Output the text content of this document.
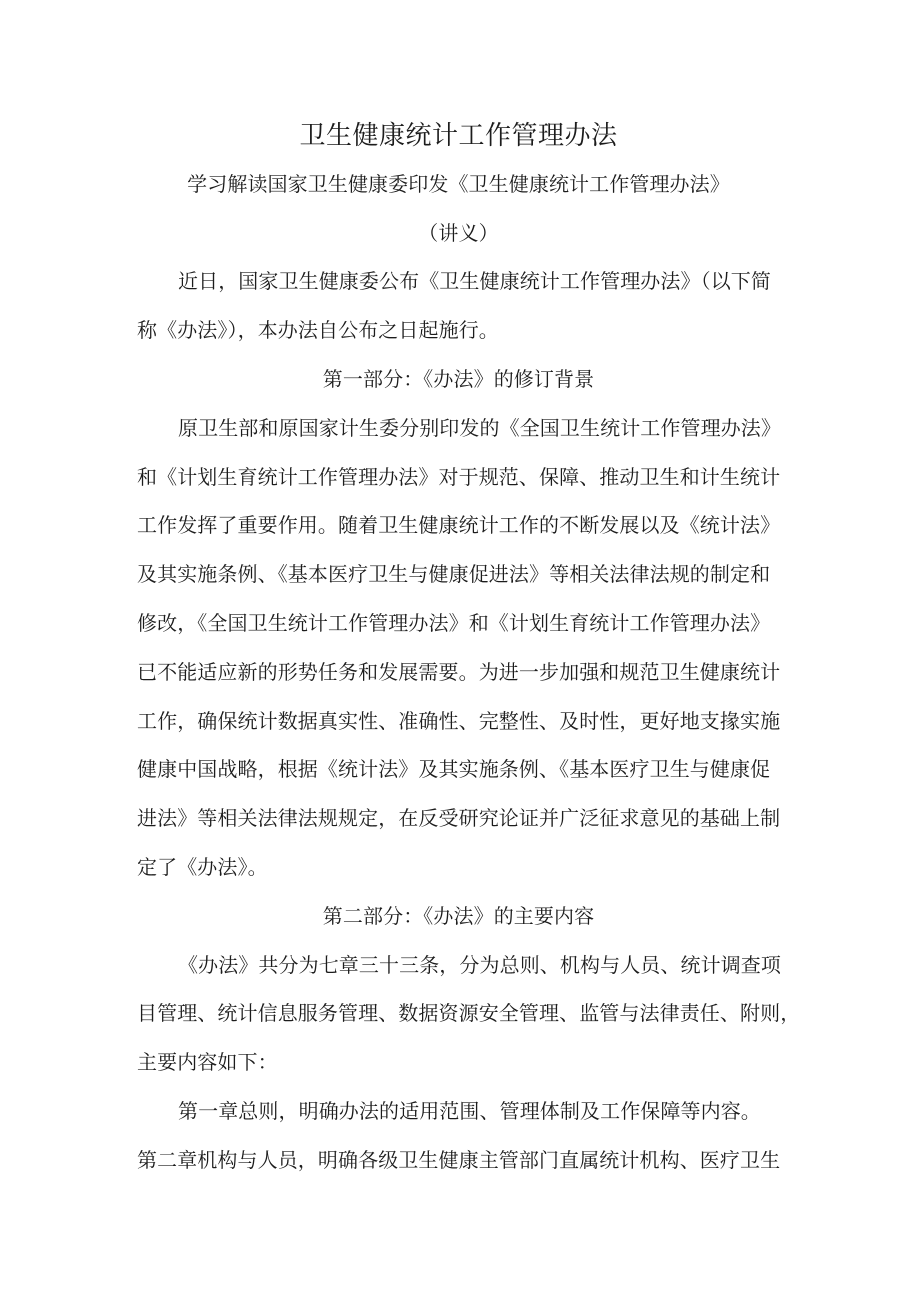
卫生健康统计工作管理办法
学习解读国家卫生健康委印发《卫生健康统计工作管理办法》
（讲义）
近日，国家卫生健康委公布《卫生健康统计工作管理办法》（以下简
称《办法》），本办法自公布之日起施行。
第一部分：《办法》的修订背景
原卫生部和原国家计生委分别印发的《全国卫生统计工作管理办法》
和《计划生育统计工作管理办法》对于规范、保障、推动卫生和计生统计
工作发挥了重要作用。随着卫生健康统计工作的不断发展以及《统计法》
及其实施条例、《基本医疗卫生与健康促进法》等相关法律法规的制定和
修改，《全国卫生统计工作管理办法》和《计划生育统计工作管理办法》
已不能适应新的形势任务和发展需要。为进一步加强和规范卫生健康统计
工作，确保统计数据真实性、准确性、完整性、及时性，更好地支掾实施
健康中国战略，根据《统计法》及其实施条例、《基本医疗卫生与健康促
进法》等相关法律法规规定，在反受研究论证并广泛征求意见的基础上制
定了《办法》。
第二部分：《办法》的主要内容
《办法》共分为七章三十三条，分为总则、机构与人员、统计调查项
目管理、统计信息服务管理、数据资源安全管理、监管与法律责任、附则，
主要内容如下：
第一章总则，明确办法的适用范围、管理体制及工作保障等内容。
第二章机构与人员，明确各级卫生健康主管部门直属统计机构、医疗卫生
